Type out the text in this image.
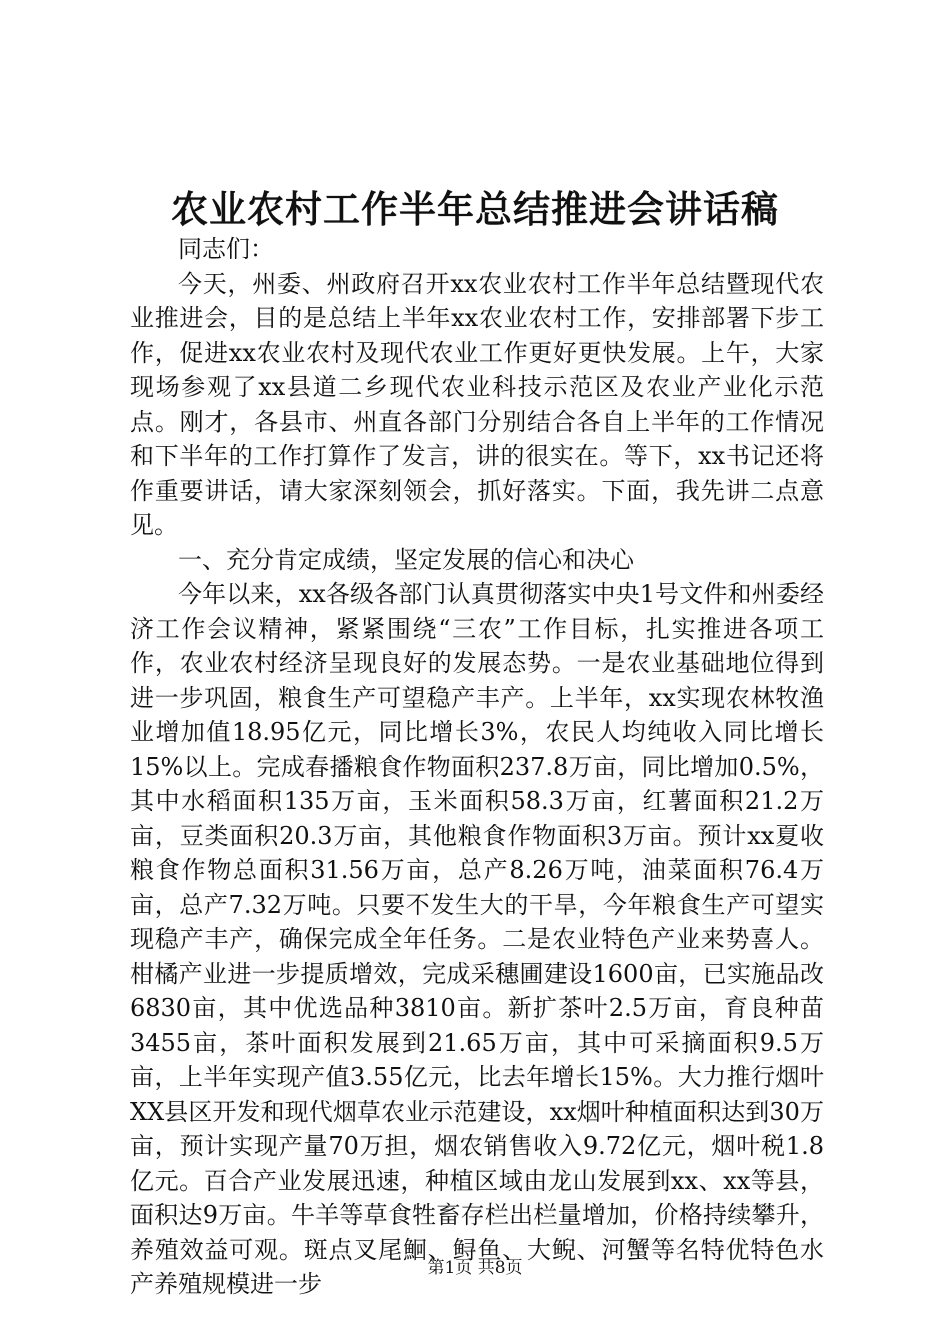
农业农村工作半年总结推进会讲话稿

同志们：

今天，州委、州政府召开xx农业农村工作半年总结暨现代农业推进会，目的是总结上半年xx农业农村工作，安排部署下步工作，促进xx农业农村及现代农业工作更好更快发展。上午，大家现场参观了xx县道二乡现代农业科技示范区及农业产业化示范点。刚才，各县市、州直各部门分别结合各自上半年的工作情况和下半年的工作打算作了发言，讲的很实在。等下，xx书记还将作重要讲话，请大家深刻领会，抓好落实。下面，我先讲二点意见。

一、充分肯定成绩，坚定发展的信心和决心

今年以来，xx各级各部门认真贯彻落实中央1号文件和州委经济工作会议精神，紧紧围绕“三农”工作目标，扎实推进各项工作，农业农村经济呈现良好的发展态势。一是农业基础地位得到进一步巩固，粮食生产可望稳产丰产。上半年，xx实现农林牧渔业增加值18.95亿元，同比增长3%，农民人均纯收入同比增长15%以上。完成春播粮食作物面积237.8万亩，同比增加0.5%，其中水稻面积135万亩，玉米面积58.3万亩，红薯面积21.2万亩，豆类面积20.3万亩，其他粮食作物面积3万亩。预计xx夏收粮食作物总面积31.56万亩，总产8.26万吨，油菜面积76.4万亩，总产7.32万吨。只要不发生大的干旱，今年粮食生产可望实现稳产丰产，确保完成全年任务。二是农业特色产业来势喜人。柑橘产业进一步提质增效，完成采穗圃建设1600亩，已实施品改6830亩，其中优选品种3810亩。新扩茶叶2.5万亩，育良种苗3455亩，茶叶面积发展到21.65万亩，其中可采摘面积9.5万亩，上半年实现产值3.55亿元，比去年增长15%。大力推行烟叶XX县区开发和现代烟草农业示范建设，xx烟叶种植面积达到30万亩，预计实现产量70万担，烟农销售收入9.72亿元，烟叶税1.8亿元。百合产业发展迅速，种植区域由龙山发展到xx、xx等县，面积达9万亩。牛羊等草食牲畜存栏出栏量增加，价格持续攀升，养殖效益可观。斑点叉尾鮰、鲟鱼、大鲵、河蟹等名特优特色水产养殖规模进一步

第1页 共8页
